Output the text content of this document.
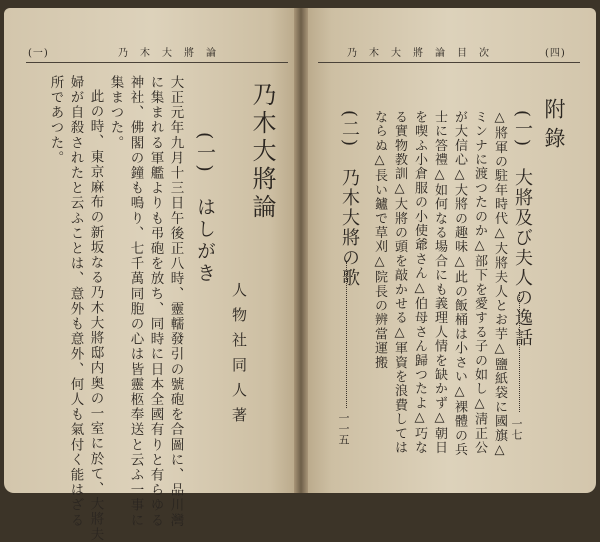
(一)	乃　木　大　將　論
乃木大將論
(一)　はしがき
人物社同人著
大正元年九月十三日午後正八時、靈轜發引の號砲を合圖に、品川灣
に集まれる軍艦よりも弔砲を放ち、同時に日本全國有りと有らゆる
神社、佛閣の鐘も鳴り、七千萬同胞の心は皆靈柩奉送と云ふ一事に
集まつた。
此の時、東京麻布の新坂なる乃木大將邸内奥の一室に於て、大將夫
婦が自殺されたと云ふことは、意外も意外、何人も氣付く能はざる
所であつた。
乃　木　大　將　論　目　次	(四)
附錄
(一)　大將及び夫人の逸話
一七
△將軍の駐年時代△大將夫人とお芋△鹽紙袋に國旗△
ミンナに渡つたのか△部下を愛する子の如し△淸正公
が大信心△大將の趣味△此の飯桶は小さい△裸體の兵
士に答禮△如何なる場合にも義理人情を缺かず△朝日
を喫ふ小倉服の小使爺さん△伯母さん歸つたよ△巧な
る實物教訓△大將の頭を敲かせる△軍資を浪費しては
ならぬ△長い鑪で草刈△院長の辨當運搬
(二)　乃木大將の歌
一一五
